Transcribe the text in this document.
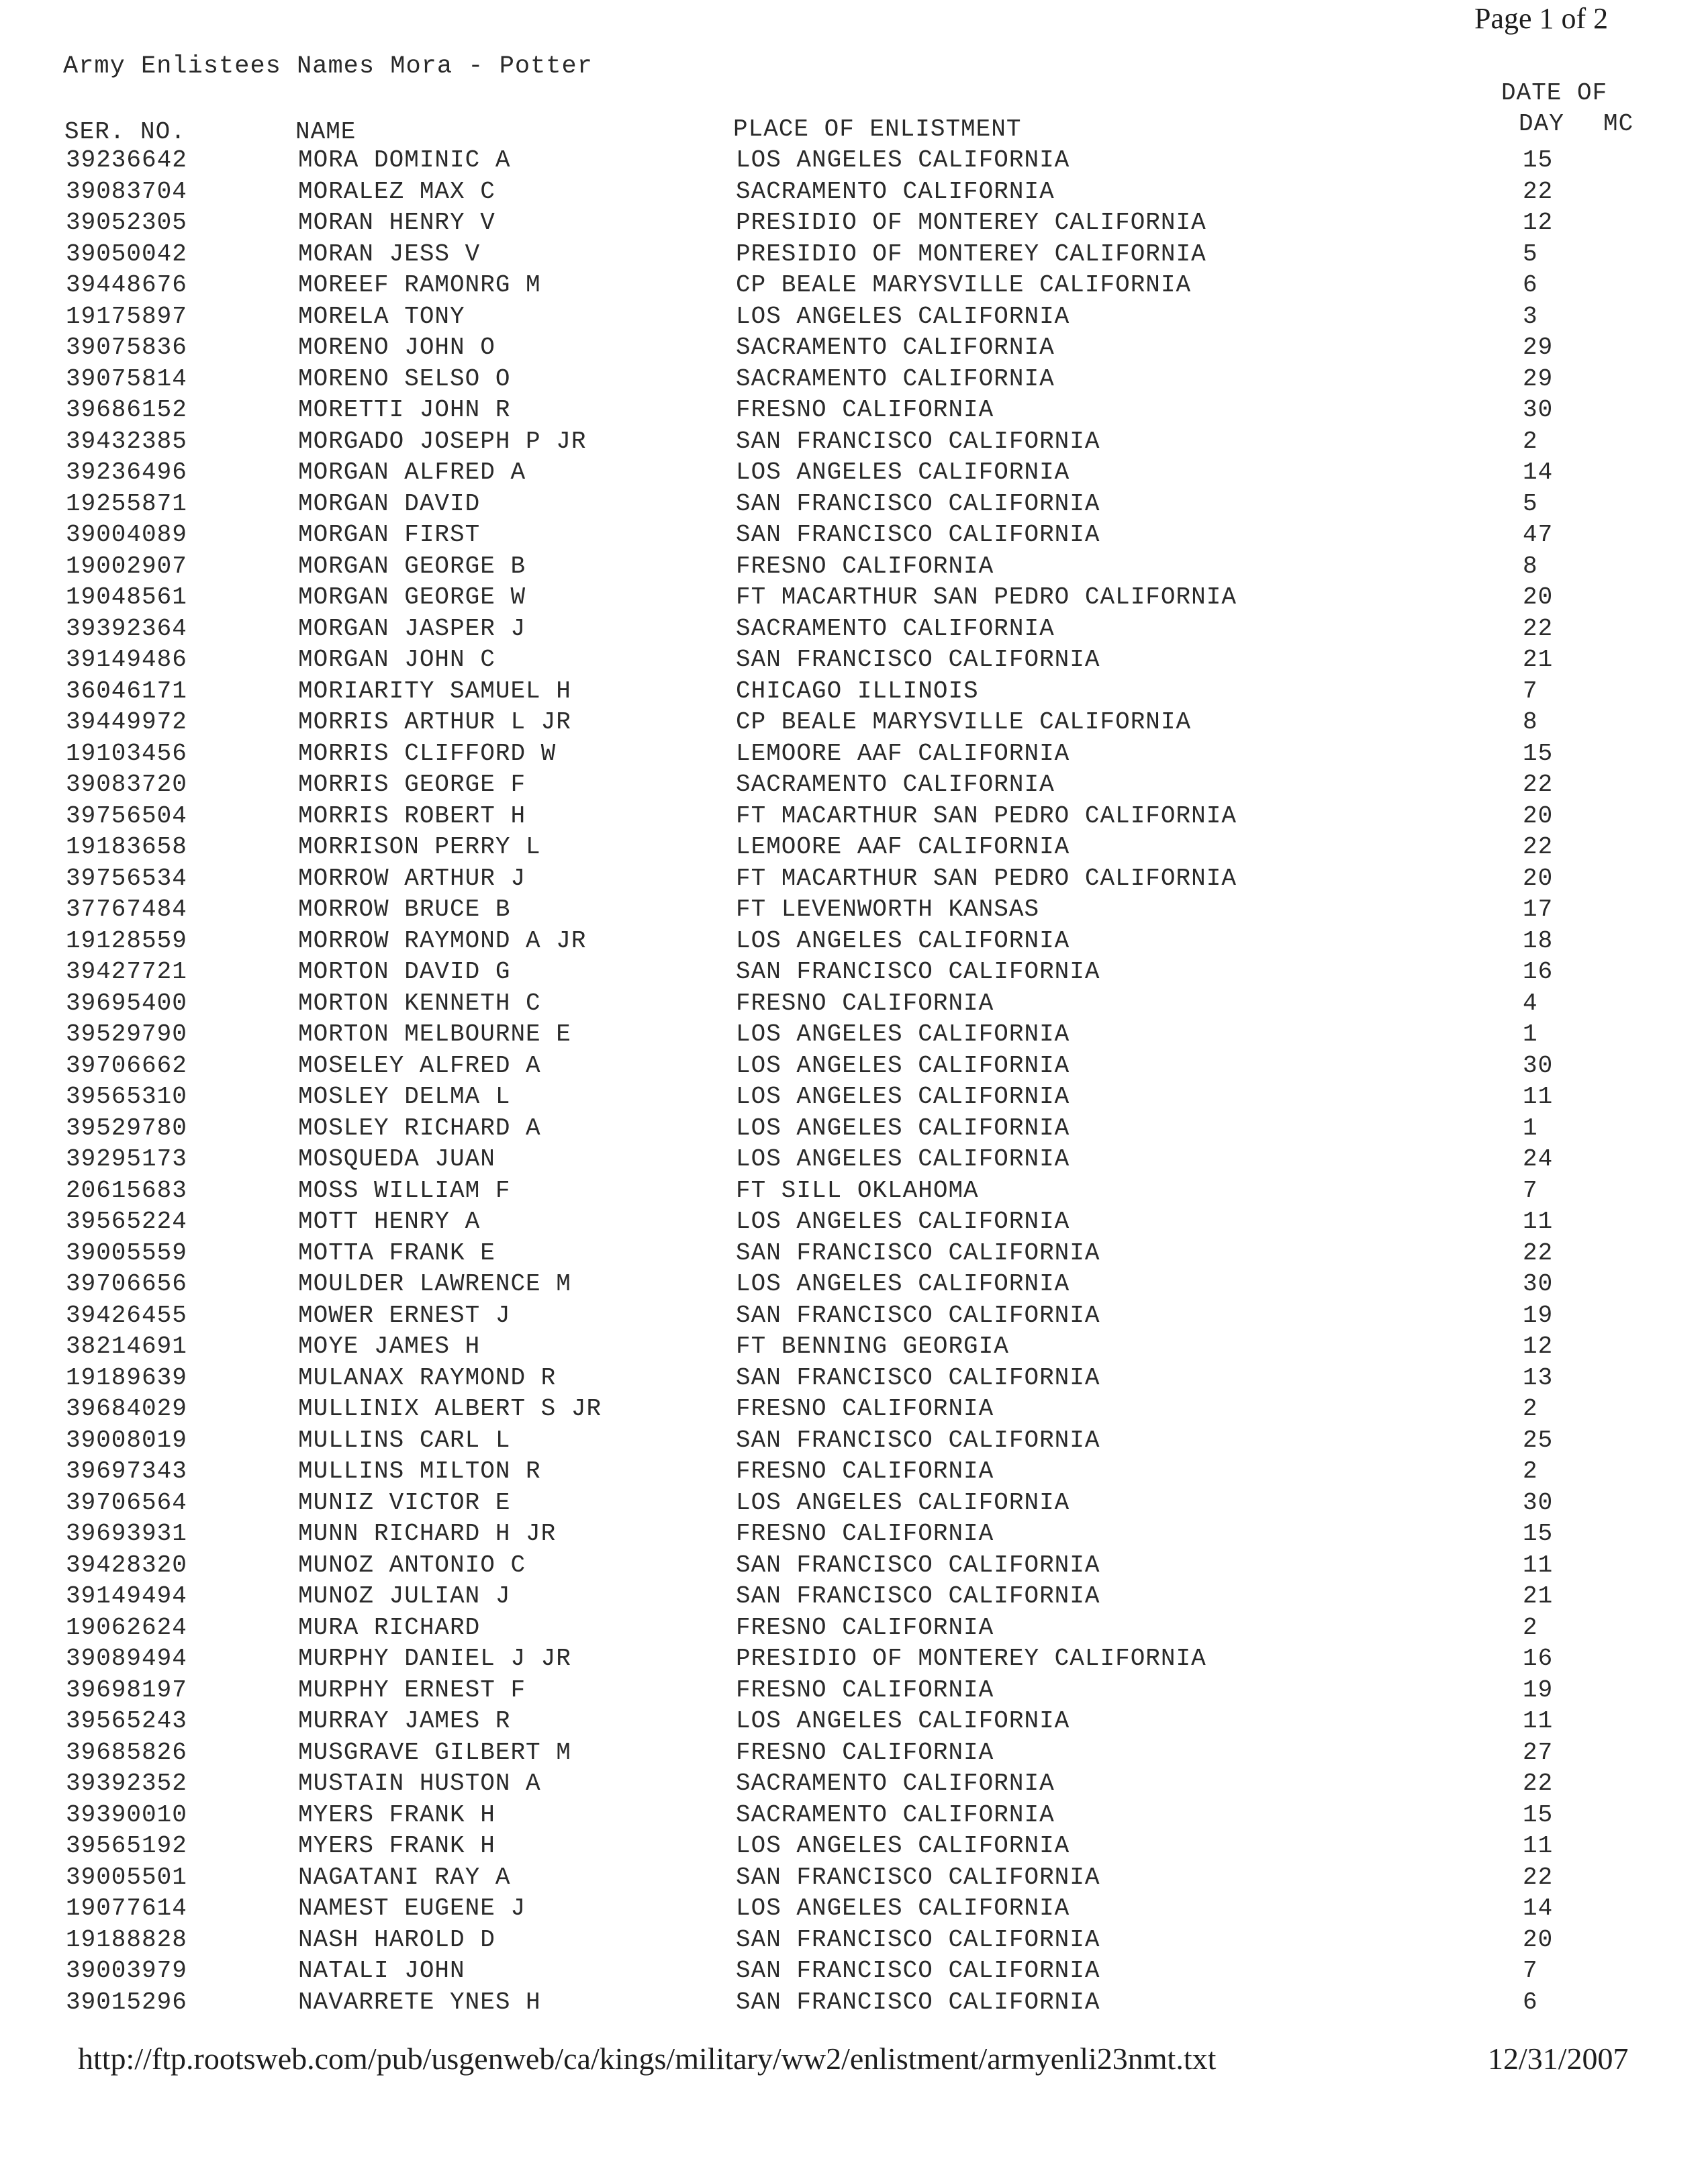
Page 1 of 2
Army Enlistees Names Mora - Potter
SER. NO.	NAME	PLACE OF ENLISTMENT
DATE OF
DAY MC
39236642	MORA DOMINIC A	LOS ANGELES CALIFORNIA	15
39083704	MORALEZ MAX C	SACRAMENTO CALIFORNIA	22
39052305	MORAN HENRY V	PRESIDIO OF MONTEREY CALIFORNIA	12
39050042	MORAN JESS V	PRESIDIO OF MONTEREY CALIFORNIA	5
39448676	MOREEF RAMONRG M	CP BEALE MARYSVILLE CALIFORNIA	6
19175897	MORELA TONY	LOS ANGELES CALIFORNIA	3
39075836	MORENO JOHN O	SACRAMENTO CALIFORNIA	29
39075814	MORENO SELSO O	SACRAMENTO CALIFORNIA	29
39686152	MORETTI JOHN R	FRESNO CALIFORNIA	30
39432385	MORGADO JOSEPH P JR	SAN FRANCISCO CALIFORNIA	2
39236496	MORGAN ALFRED A	LOS ANGELES CALIFORNIA	14
19255871	MORGAN DAVID	SAN FRANCISCO CALIFORNIA	5
39004089	MORGAN FIRST	SAN FRANCISCO CALIFORNIA	47
19002907	MORGAN GEORGE B	FRESNO CALIFORNIA	8
19048561	MORGAN GEORGE W	FT MACARTHUR SAN PEDRO CALIFORNIA	20
39392364	MORGAN JASPER J	SACRAMENTO CALIFORNIA	22
39149486	MORGAN JOHN C	SAN FRANCISCO CALIFORNIA	21
36046171	MORIARITY SAMUEL H	CHICAGO ILLINOIS	7
39449972	MORRIS ARTHUR L JR	CP BEALE MARYSVILLE CALIFORNIA	8
19103456	MORRIS CLIFFORD W	LEMOORE AAF CALIFORNIA	15
39083720	MORRIS GEORGE F	SACRAMENTO CALIFORNIA	22
39756504	MORRIS ROBERT H	FT MACARTHUR SAN PEDRO CALIFORNIA	20
19183658	MORRISON PERRY L	LEMOORE AAF CALIFORNIA	22
39756534	MORROW ARTHUR J	FT MACARTHUR SAN PEDRO CALIFORNIA	20
37767484	MORROW BRUCE B	FT LEVENWORTH KANSAS	17
19128559	MORROW RAYMOND A JR	LOS ANGELES CALIFORNIA	18
39427721	MORTON DAVID G	SAN FRANCISCO CALIFORNIA	16
39695400	MORTON KENNETH C	FRESNO CALIFORNIA	4
39529790	MORTON MELBOURNE E	LOS ANGELES CALIFORNIA	1
39706662	MOSELEY ALFRED A	LOS ANGELES CALIFORNIA	30
39565310	MOSLEY DELMA L	LOS ANGELES CALIFORNIA	11
39529780	MOSLEY RICHARD A	LOS ANGELES CALIFORNIA	1
39295173	MOSQUEDA JUAN	LOS ANGELES CALIFORNIA	24
20615683	MOSS WILLIAM F	FT SILL OKLAHOMA	7
39565224	MOTT HENRY A	LOS ANGELES CALIFORNIA	11
39005559	MOTTA FRANK E	SAN FRANCISCO CALIFORNIA	22
39706656	MOULDER LAWRENCE M	LOS ANGELES CALIFORNIA	30
39426455	MOWER ERNEST J	SAN FRANCISCO CALIFORNIA	19
38214691	MOYE JAMES H	FT BENNING GEORGIA	12
19189639	MULANAX RAYMOND R	SAN FRANCISCO CALIFORNIA	13
39684029	MULLINIX ALBERT S JR	FRESNO CALIFORNIA	2
39008019	MULLINS CARL L	SAN FRANCISCO CALIFORNIA	25
39697343	MULLINS MILTON R	FRESNO CALIFORNIA	2
39706564	MUNIZ VICTOR E	LOS ANGELES CALIFORNIA	30
39693931	MUNN RICHARD H JR	FRESNO CALIFORNIA	15
39428320	MUNOZ ANTONIO C	SAN FRANCISCO CALIFORNIA	11
39149494	MUNOZ JULIAN J	SAN FRANCISCO CALIFORNIA	21
19062624	MURA RICHARD	FRESNO CALIFORNIA	2
39089494	MURPHY DANIEL J JR	PRESIDIO OF MONTEREY CALIFORNIA	16
39698197	MURPHY ERNEST F	FRESNO CALIFORNIA	19
39565243	MURRAY JAMES R	LOS ANGELES CALIFORNIA	11
39685826	MUSGRAVE GILBERT M	FRESNO CALIFORNIA	27
39392352	MUSTAIN HUSTON A	SACRAMENTO CALIFORNIA	22
39390010	MYERS FRANK H	SACRAMENTO CALIFORNIA	15
39565192	MYERS FRANK H	LOS ANGELES CALIFORNIA	11
39005501	NAGATANI RAY A	SAN FRANCISCO CALIFORNIA	22
19077614	NAMEST EUGENE J	LOS ANGELES CALIFORNIA	14
19188828	NASH HAROLD D	SAN FRANCISCO CALIFORNIA	20
39003979	NATALI JOHN	SAN FRANCISCO CALIFORNIA	7
39015296	NAVARRETE YNES H	SAN FRANCISCO CALIFORNIA	6
http://ftp.rootsweb.com/pub/usgenweb/ca/kings/military/ww2/enlistment/armyenli23nmt.txt	12/31/2007
